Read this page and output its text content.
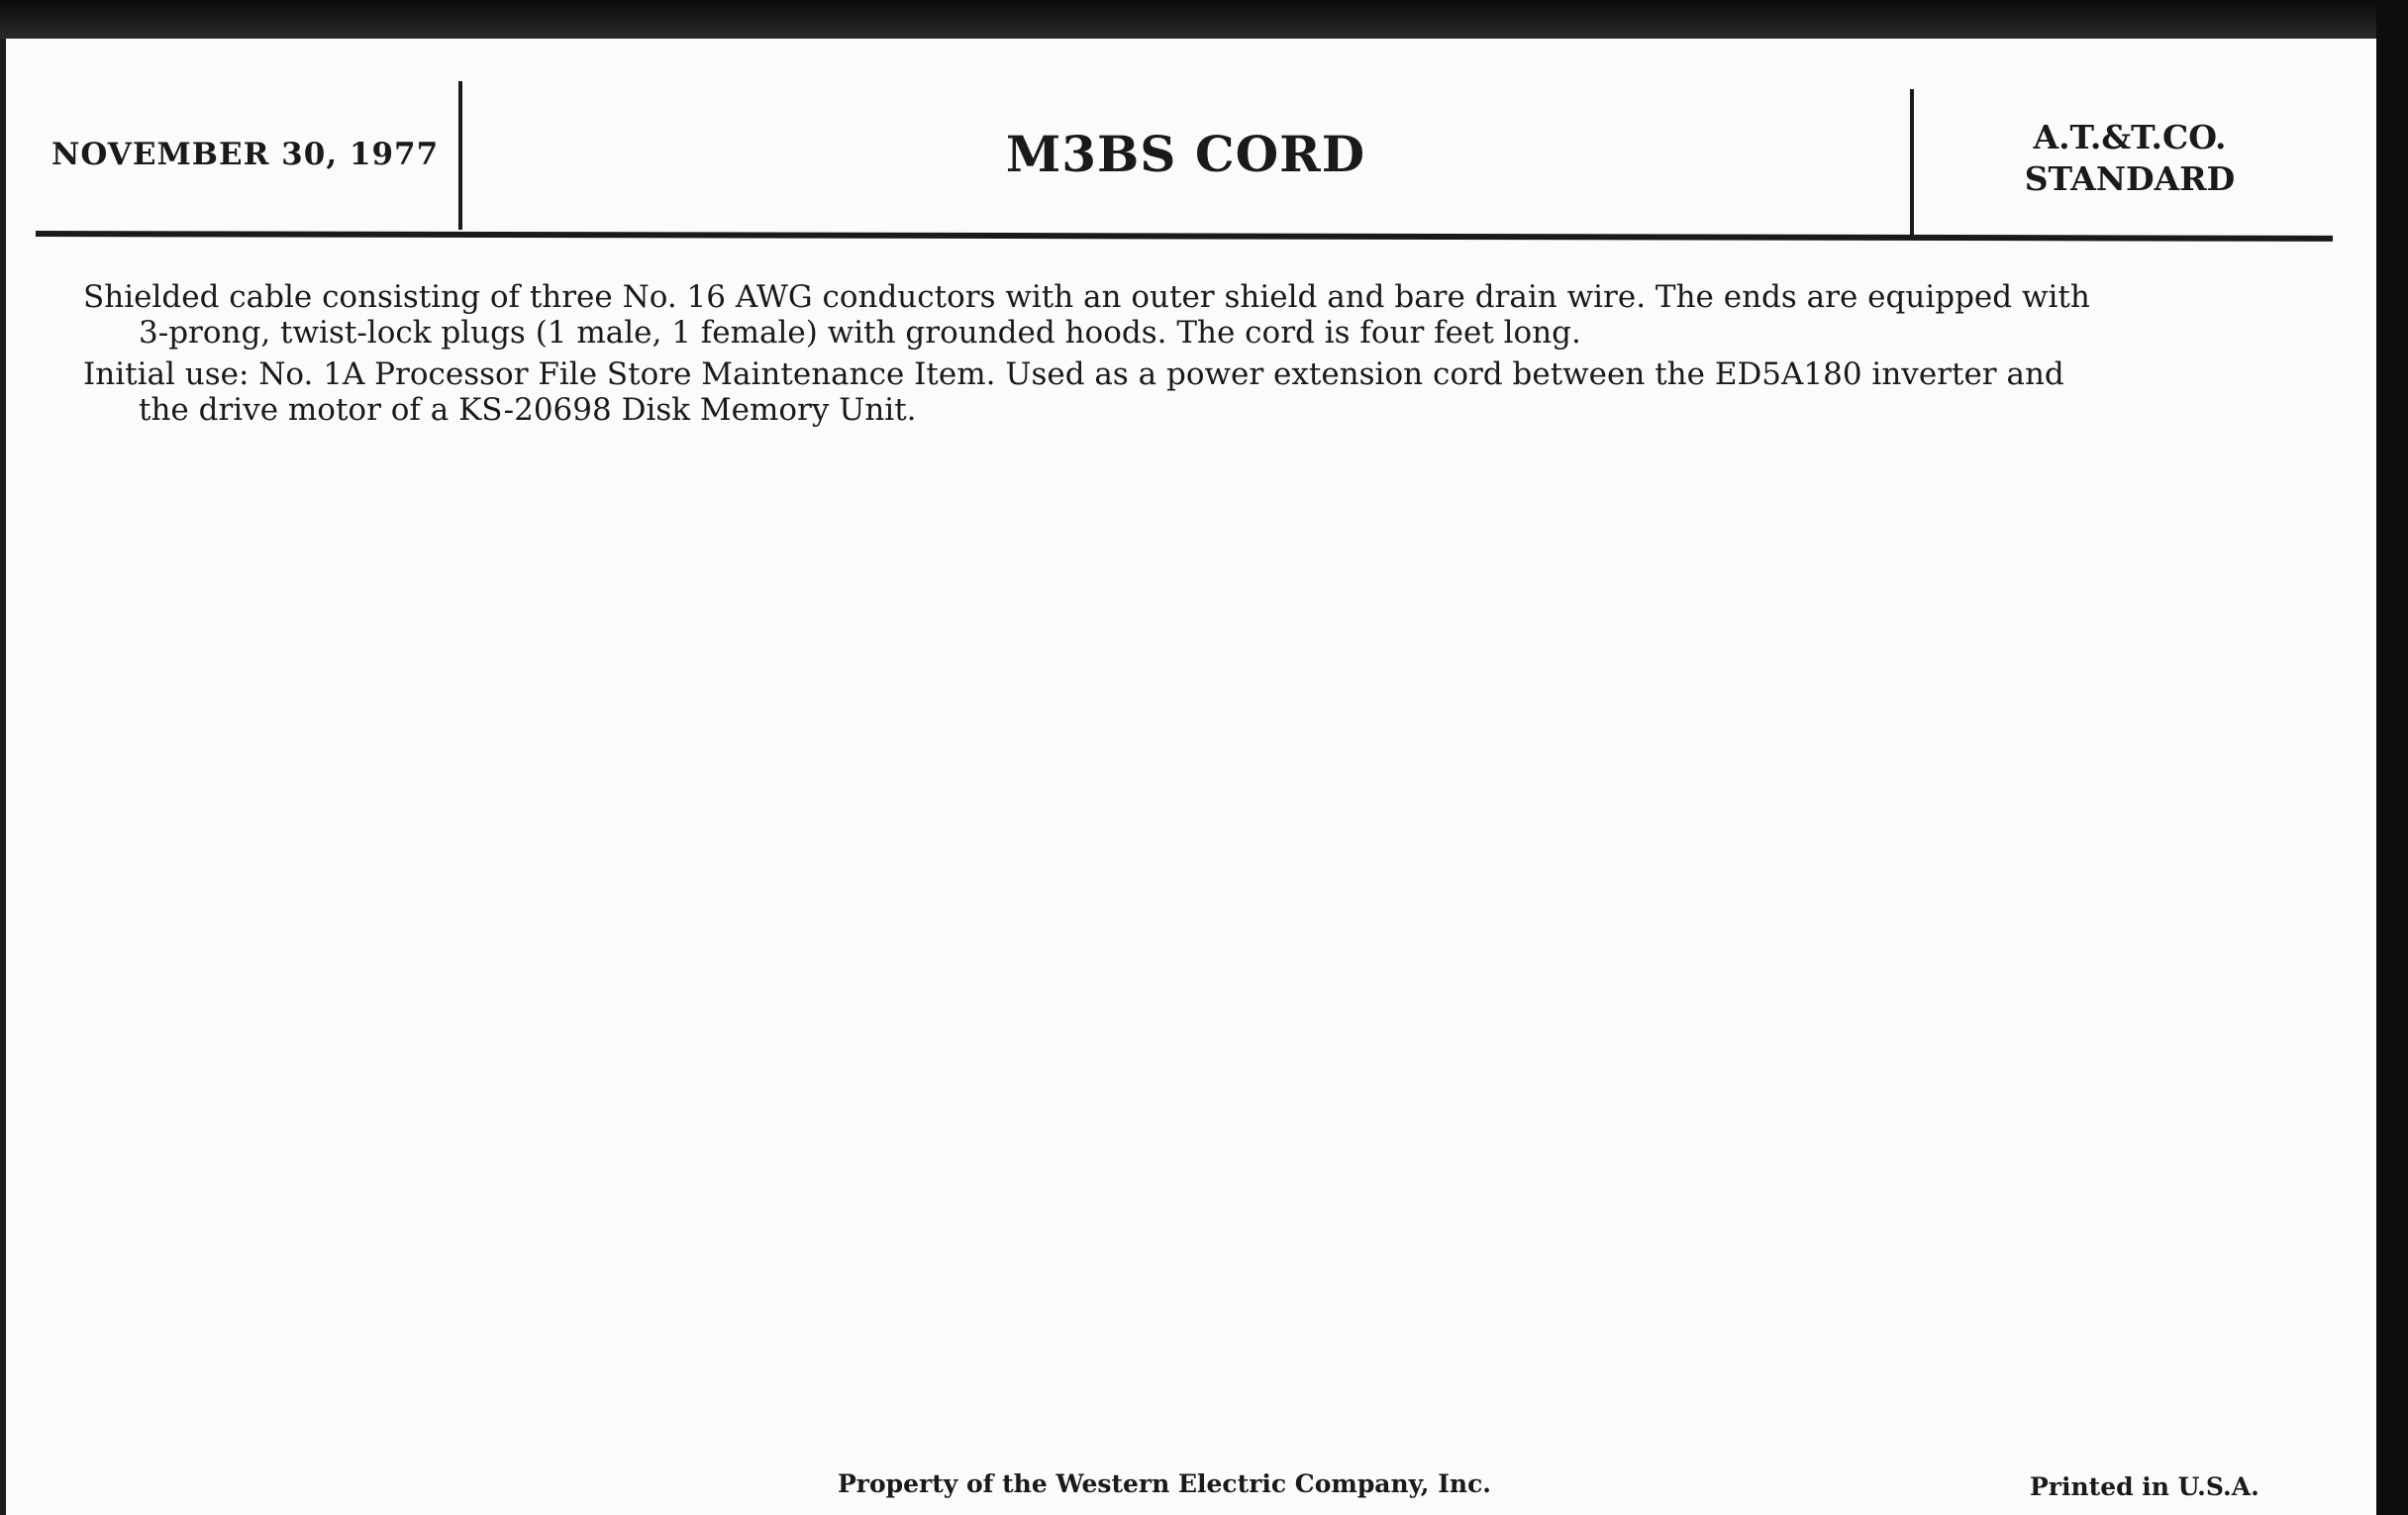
NOVEMBER 30, 1977	M3BS CORD	A.T.&T.CO.
STANDARD
Shielded cable consisting of three No. 16 AWG conductors with an outer shield and bare drain wire. The ends are equipped with
3-prong, twist-lock plugs (1 male, 1 female) with grounded hoods. The cord is four feet long.
Initial use: No. 1A Processor File Store Maintenance Item. Used as a power extension cord between the ED5A180 inverter and
the drive motor of a KS-20698 Disk Memory Unit.
Property of the Western Electric Company, Inc.	Printed in U.S.A.
